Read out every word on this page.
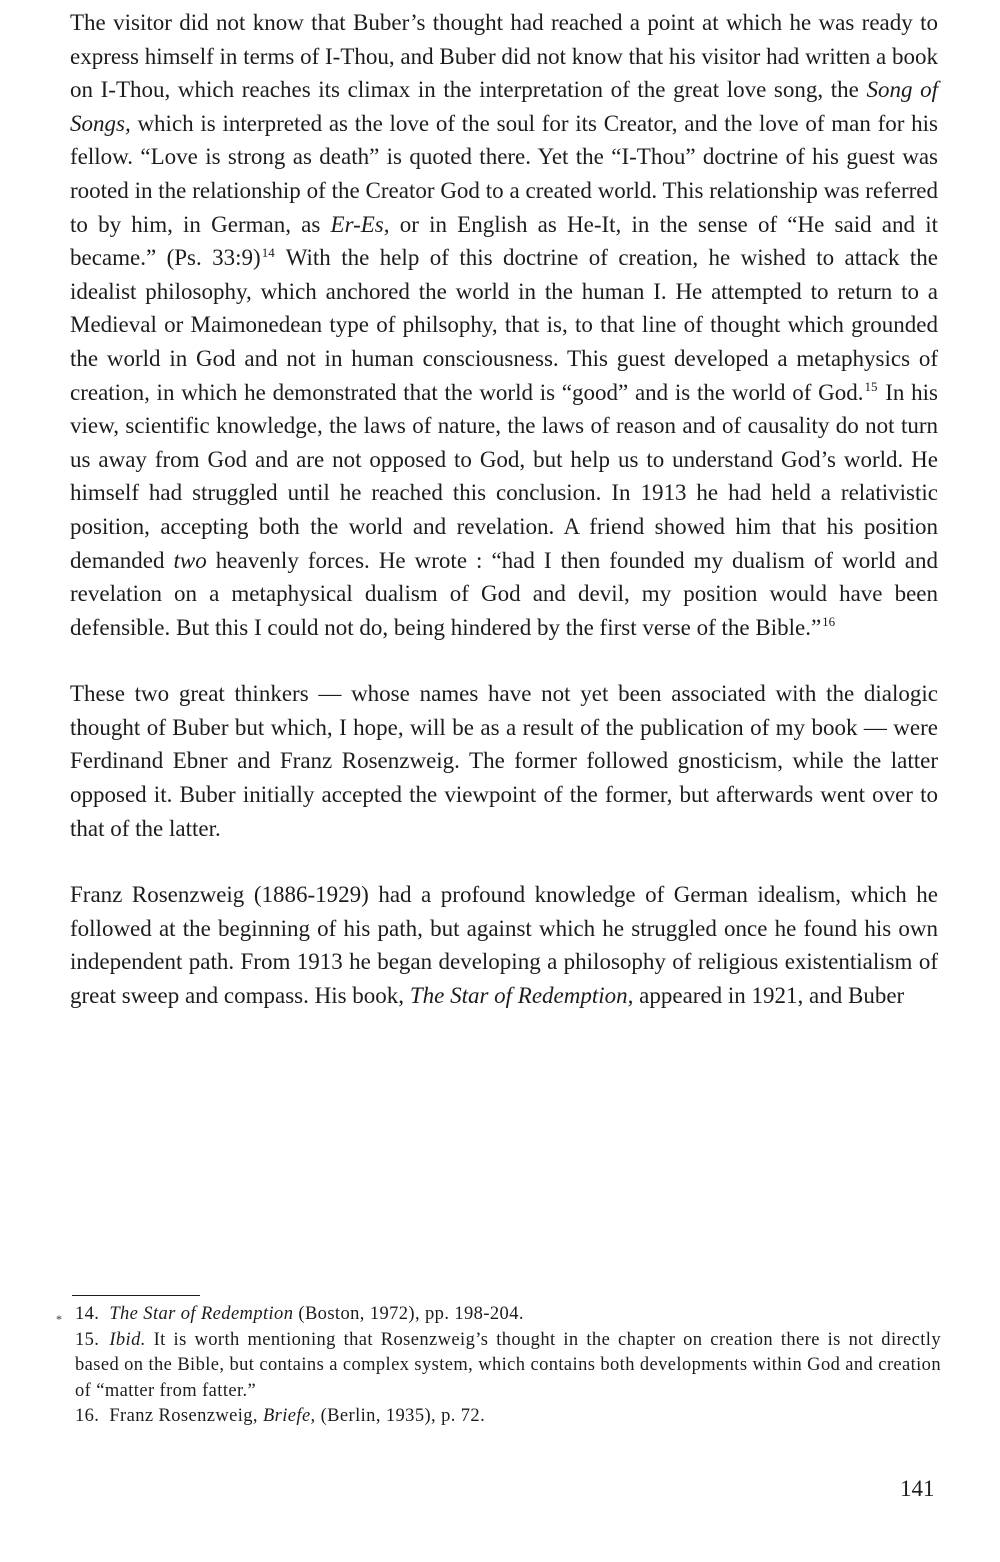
The visitor did not know that Buber’s thought had reached a point at which he was ready to express himself in terms of I-Thou, and Buber did not know that his visitor had written a book on I-Thou, which reaches its climax in the interpretation of the great love song, the Song of Songs, which is interpreted as the love of the soul for its Creator, and the love of man for his fellow. “Love is strong as death” is quoted there. Yet the “I-Thou” doctrine of his guest was rooted in the relationship of the Creator God to a created world. This relationship was referred to by him, in German, as Er-Es, or in English as He-It, in the sense of “He said and it became.” (Ps. 33:9)$^{14}$ With the help of this doctrine of creation, he wished to attack the idealist philosophy, which anchored the world in the human I. He attempted to return to a Medieval or Maimonedean type of philsophy, that is, to that line of thought which grounded the world in God and not in human consciousness. This guest developed a metaphysics of creation, in which he demonstrated that the world is “good” and is the world of God.$^{15}$ In his view, scientific knowledge, the laws of nature, the laws of reason and of causality do not turn us away from God and are not opposed to God, but help us to understand God’s world. He himself had struggled until he reached this conclusion. In 1913 he had held a relativistic position, accepting both the world and revelation. A friend showed him that his position demanded two heavenly forces. He wrote : “had I then founded my dualism of world and revelation on a metaphysical dualism of God and devil, my position would have been defensible. But this I could not do, being hindered by the first verse of the Bible.”$^{16}$

These two great thinkers — whose names have not yet been associated with the dialogic thought of Buber but which, I hope, will be as a result of the publication of my book — were Ferdinand Ebner and Franz Rosenzweig. The former followed gnosticism, while the latter opposed it. Buber initially accepted the viewpoint of the former, but afterwards went over to that of the latter.

Franz Rosenzweig (1886-1929) had a profound knowledge of German idealism, which he followed at the beginning of his path, but against which he struggled once he found his own independent path. From 1913 he began developing a philosophy of religious existentialism of great sweep and compass. His book, The Star of Redemption, appeared in 1921, and Buber

* 14. The Star of Redemption (Boston, 1972), pp. 198-204.

15. Ibid. It is worth mentioning that Rosenzweig’s thought in the chapter on creation there is not directly based on the Bible, but contains a complex system, which contains both developments within God and creation of “matter from fatter.”

16. Franz Rosenzweig, Briefe, (Berlin, 1935), p. 72.

141
